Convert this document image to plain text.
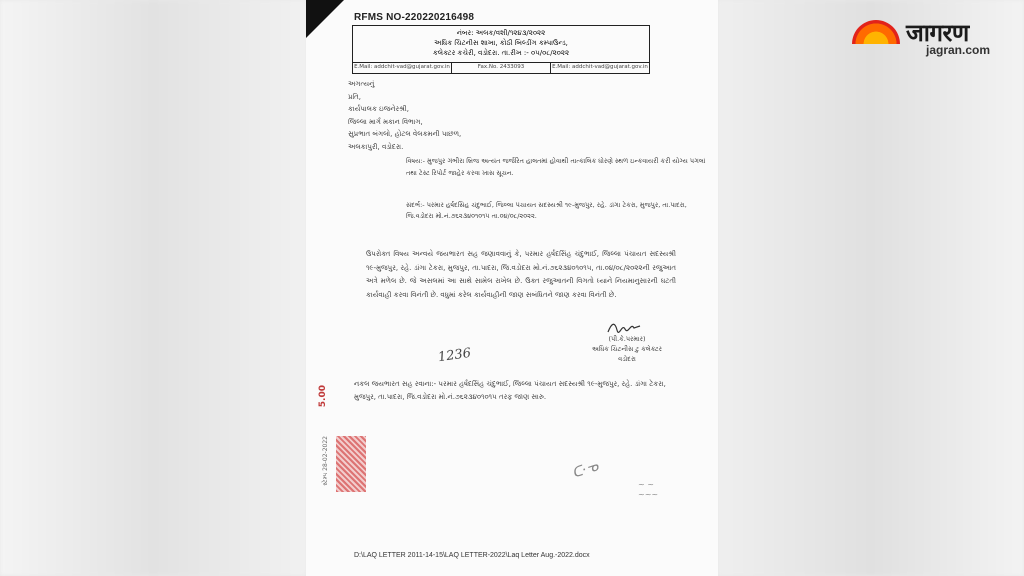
RFMS NO-220220216498
નંબર: અલક/વશી/૧૨૪૩/૨૦૨૨
અધિક ચિટનીસ શાખા, કોઠી બિલ્ડીંગ કમ્પાઉન્ડ,
કલેક્ટર કચેરી, વડોદરા. તા.રીખ :- ૦૫/૦૮/૨૦૨૨
E.Mail: addchit-vad@gujarat.gov.in	Fax.No. 2433093	E.Mail: addchit-vad@gujarat.gov.in
અગત્યનું
પ્રતિ,
કાર્યપાલક ઇજનેરશ્રી,
જિલ્લા માર્ગ મકાન વિભાગ,
સુપ્રભાત બંગલો, હોટલ વેલકમની પાછળ,
અલકાપુરી, વડોદરા.
વિષય:- મુજપુર ગંભીરા બ્રિજ અત્યંત જર્જરિત હાલતમાં હોવાથી તાત્કાલિક ધોરણે સ્થળ ઇન્કવાયરી કરી યોગ્ય પગલાં તથા ટેસ્ટ રિપોર્ટ જાહેર કરવા ખાસ સૂચન.
સંદર્ભ:- પરમાર હર્ષદસિંહ ચંદુભાઈ, જિલ્લા પંચાયત સદસ્યશ્રી ૧૯-મુજપુર, રહે. ડાંગા ટેકરા, મુજપુર, તા.પાદરા, જિ.વડોદરા મો.નં.૭૬૨૩૪૦૧૦૧૫ તા.૦૪/૦૮/૨૦૨૨.
ઉપરોક્ત વિષય અન્વયે જયભારત સહ જણાવવાનું કે, પરમાર હર્ષદસિંહ ચંદુભાઈ, જિલ્લા પંચાયત સદસ્યશ્રી ૧૯-મુજપુર, રહે. ડાંગા ટેકરા, મુજપુર, તા.પાદરા, જિ.વડોદરા મો.નં.૭૬૨૩૪૦૧૦૧૫, તા.૦૪/૦૮/૨૦૨૨ની રજુઆત અત્રે મળેલ છે. જે અસલમાં આ સાથે સામેલ રાખેલ છે. ઉક્ત રજુઆતની વિગતો ધ્યાને નિયમાનુસારની ઘટતી કાર્યવાહી કરવા વિનંતી છે. વધુમાં કરેલ કાર્યવાહીની જાણ સબંધિતને જાણ કરવા વિનંતી છે.
(પી.કે.પરમાર)
અધિક ચિટનીસ ટુ કલેક્ટર
વડોદરા
1236
નકલ જયભારત સહ રવાના:- પરમાર હર્ષદસિંહ ચંદુભાઈ, જિલ્લા પંચાયત સદસ્યશ્રી ૧૯-મુજપુર, રહે. ડાંગા ટેકરા, મુજપુર, તા.પાદરા, જિ.વડોદરા મો.નં.૭૬૨૩૪૦૧૦૧૫ તરફ જાણ સારુ.
5.00
સ્ટેમ્પ 28-02-2022	ᑕ·ᓀ
~ ~
~~~
D:\LAQ LETTER 2011-14-15\LAQ LETTER-2022\Laq Letter Aug.-2022.docx
जागरण
jagran.com
